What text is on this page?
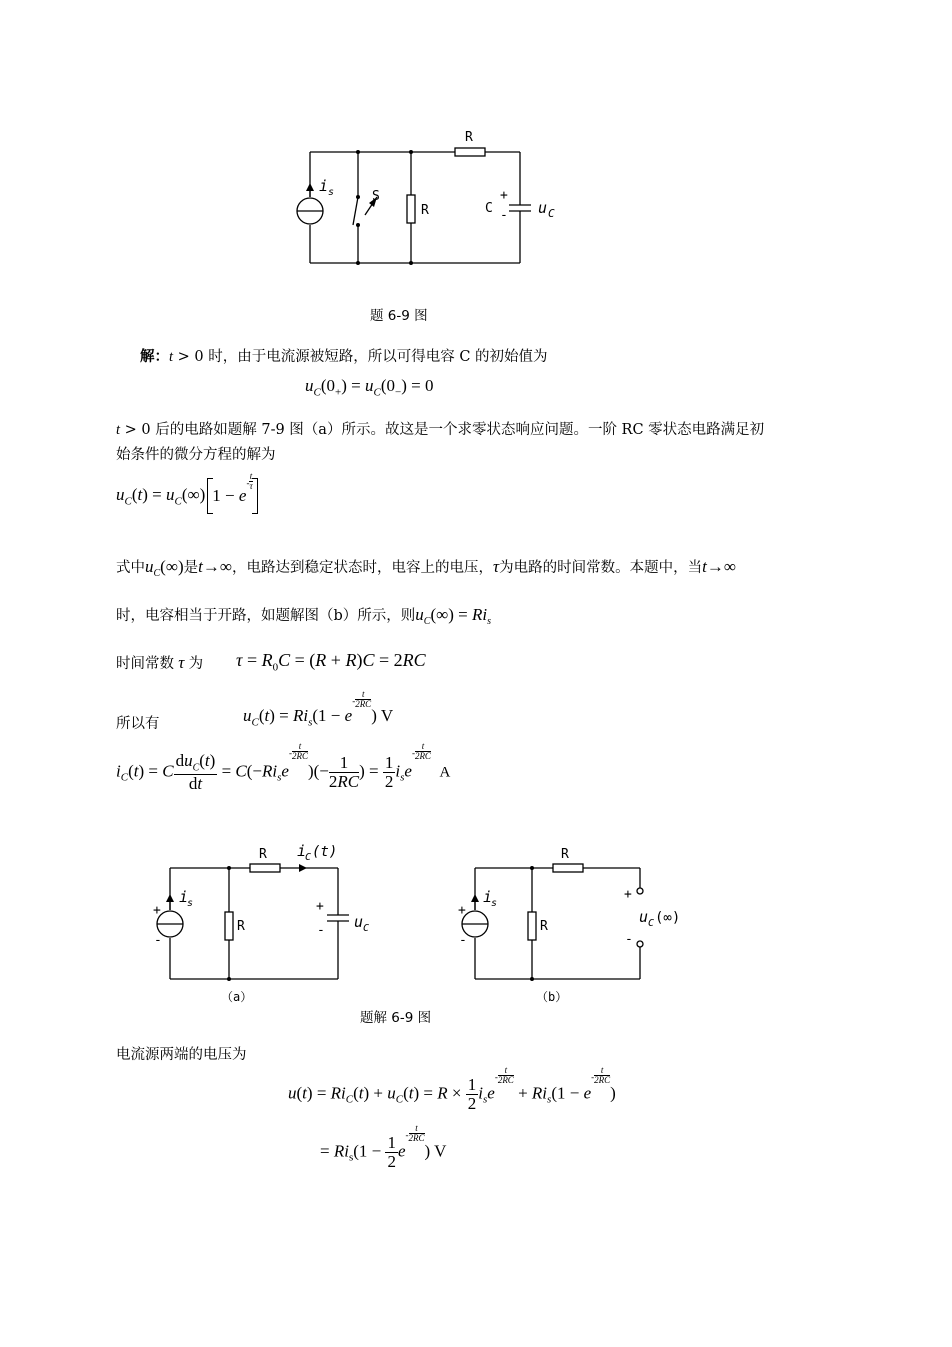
R
S
R	C
+
-
i s
u C
题 6-9 图
解：t > 0 时，由于电流源被短路，所以可得电容 C 的初始值为
$u_C(0_+) = u_C(0_-) = 0$
t > 0 后的电路如题解 7-9 图（a）所示。故这是一个求零状态响应问题。一阶 RC 零状态电路满足初
始条件的微分方程的解为
$u_C(t) = u_C(\infty)$
$1 - e- \frac{t}{\tau}$
式中$u_C(\infty)$是t→∞，电路达到稳定状态时，电容上的电压，τ为电路的时间常数。本题中，当t→∞
时，电容相当于开路，如题解图（b）所示，则$u_C(\infty) = Ri_s$
时间常数 τ 为 $\tau = R_0C = (R + R)C = 2RC$
所以有	$u_C(t) = Ri_s(1 - e- \frac{t}{2RC}$
) V
$i_C(t) = C \frac{du_C(t)}{dt} = C(-Ri_se- \frac{t}{2RC}$
)(− $\frac{1}{2RC}$ ) = $\frac{1}{2} i_se- \frac{t}{2RC}$
A
R
R
i
C (t)
i
s
+
-
+
- u C
（a）
R
R
i
s
+
-
+
-
u C (∞)
（b）
题解 6-9 图
电流源两端的电压为
$u(t) = Ri_C(t) + u_C(t) = R \times \frac{1}{2} i_se- \frac{t}{2RC}$
+ $Ri_s(1 - e- \frac{t}{2RC}$
)
= $Ri_s(1 - \frac{1}{2} e- \frac{t}{2RC}$
) V
